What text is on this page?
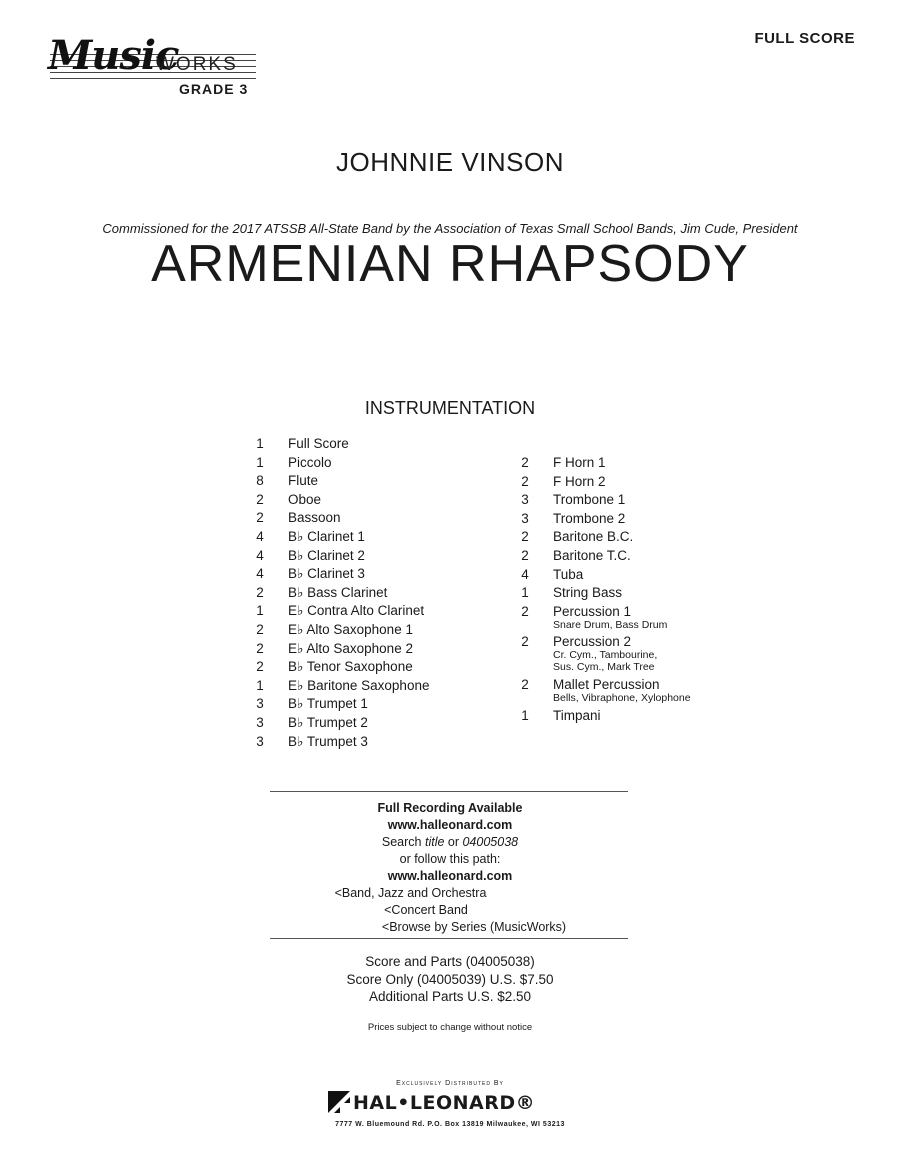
Music
WORKS
GRADE 3
FULL SCORE
JOHNNIE VINSON
Commissioned for the 2017 ATSSB All-State Band by the Association of Texas Small School Bands, Jim Cude, President
ARMENIAN RHAPSODY
INSTRUMENTATION
1 Full Score
1 Piccolo
8 Flute
2 Oboe
2 Bassoon
4 B♭ Clarinet 1
4 B♭ Clarinet 2
4 B♭ Clarinet 3
2 B♭ Bass Clarinet
1 E♭ Contra Alto Clarinet
2 E♭ Alto Saxophone 1
2 E♭ Alto Saxophone 2
2 B♭ Tenor Saxophone
1 E♭ Baritone Saxophone
3 B♭ Trumpet 1
3 B♭ Trumpet 2
3 B♭ Trumpet 3
2 F Horn 1
2 F Horn 2
3 Trombone 1
3 Trombone 2
2 Baritone B.C.
2 Baritone T.C.
4 Tuba
1 String Bass
2 Percussion 1
Snare Drum, Bass Drum
2 Percussion 2
Cr. Cym., Tambourine,
Sus. Cym., Mark Tree
2 Mallet Percussion
Bells, Vibraphone, Xylophone
1 Timpani
Full Recording Available
www.halleonard.com
Search title or 04005038
or follow this path:
www.halleonard.com
<Band, Jazz and Orchestra
<Concert Band
<Browse by Series (MusicWorks)
Score and Parts (04005038)
Score Only (04005039) U.S. $7.50
Additional Parts U.S. $2.50
Prices subject to change without notice
Exclusively Distributed By
HAL•LEONARD®
7777 W. Bluemound Rd. P.O. Box 13819 Milwaukee, WI 53213
